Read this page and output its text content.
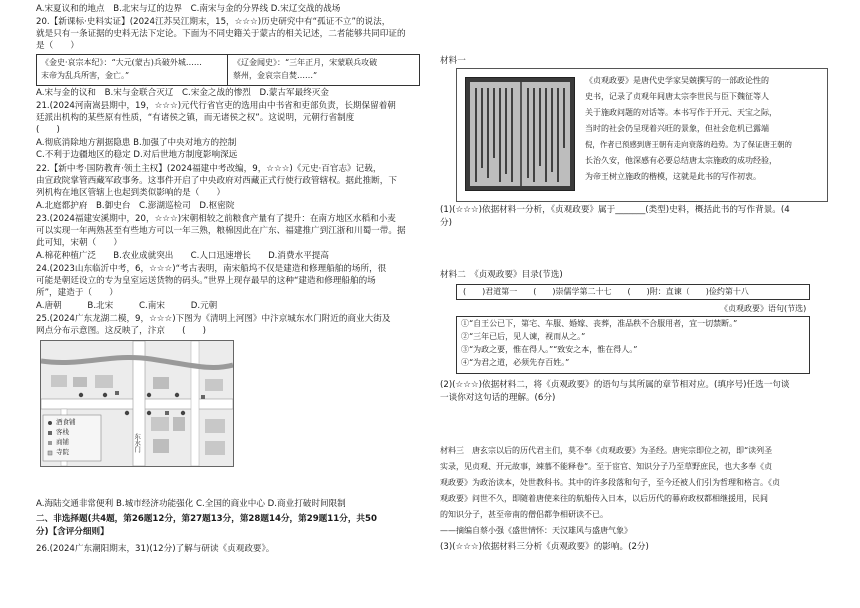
A.宋夏议和的地点　B.北宋与辽的边界　C.南宋与金的分界线 D.宋辽交战的战场
20.【新课标·史料实证】(2024江苏吴江期末，15，☆☆☆)历史研究中有“孤证不立”的说法，
就是只有一条证据的史料无法下定论。下面为不同史籍关于蒙古的相关记述，二者能够共同印证的
是（　　）
《金史·哀宗本纪》：“大元(蒙古)兵破外城……
末帝为乱兵所害，金亡。”
《辽金闻史》：“三年正月，宋蒙联兵攻破
蔡州，金哀宗自焚……”
A.宋与金的议和　B.宋与金联合灭辽　C.宋金之战的惨烈　D.蒙古军最终灭金
21.(2024河南嵩县期中，19，☆☆☆)元代行省官吏的选用由中书省和吏部负责，长期保留着朝
廷派出机构的某些原有性质，“有诸侯之镇，而无诸侯之权”。这说明，元朝行省制度
(　　)
A.彻底消除地方割据隐患 B.加强了中央对地方的控制
C.不利于边疆地区的稳定 D.对后世地方制度影响深远
22.【新中考·国防教育·领土主权】(2024福建中考改编，9，☆☆☆)《元史·百官志》记载，
由宣政院掌管西藏军政事务。这事件开启了中央政府对西藏正式行使行政管辖权。据此推断，下
列机构在地区管辖上也起到类似影响的是（　　）
A.北庭都护府　B.御史台　C.澎湖巡检司　D.枢密院
23.(2024福建安溪期中，20，☆☆☆)宋朝相较之前粮食产量有了提升：在南方地区水稻和小麦
可以实现一年两熟甚至有些地方可以一年三熟，粮棉因此在广东、福建推广到江浙和川蜀一带。据
此可知，宋朝（　　）
A.棉花种植广泛　　B.农业成就突出　　C.人口迅速增长　　D.消费水平提高
24.(2023山东临沂中考，6，☆☆☆)“考古表明，南宋船坞不仅是建造和修理船舶的场所，很
可能是朝廷设立的专为皇室运送货物的码头。”世界上现存最早的这种“建造和修理船舶的场
所”，建造于（　　）
A.唐朝　　　B.北宋　　　C.南宋　　　D.元朝
25.(2024广东龙湖二模，9，☆☆☆)下图为《清明上河图》中汴京城东水门附近的商业大街及
网点分布示意图。这反映了，汴京　　(　　)
酒食铺
客栈
商铺
寺院	东水门
A.海陆交通非常便利 B.城市经济功能强化 C.全国的商业中心 D.商业打破时间限制
二、非选择题(共4题，第26题12分，第27题13分，第28题14分，第29题11分，共50
分)【含评分细则】
26.(2024广东潮阳期末，31)(12分)了解与研读《贞观政要》。
材料一
《贞观政要》是唐代史学家吴兢撰写的一部政论性的
史书，记录了贞观年间唐太宗李世民与臣下魏征等人
关于施政问题的对话等。本书写作于开元、天宝之际，
当时的社会仍呈现着兴旺的景象，但社会危机已露端
倪，作者已预感到唐王朝有走向衰落的趋势。为了保证唐王朝的
长治久安，他深感有必要总结唐太宗施政的成功经验，
为帝王树立施政的楷模，这就是此书的写作初衷。
(1)(☆☆☆)依据材料一分析，《贞观政要》属于_______(类型)史料，概括此书的写作背景。(4
分)
材料二　《贞观政要》目录(节选)
(　　)君道第一　　(　　)崇儒学第二十七　　(　　)附：直谏（　　)俭约第十八
《贞观政要》语句(节选)
①“自王公已下，第宅、车服、婚嫁、丧葬，准品秩不合服用者，宜一切禁断。”
②“三年已后，见人谏，视而从之。”
③“为政之要，惟在得人。”“致安之本，惟在得人。”
④“为君之道，必须先存百姓。”
(2)(☆☆☆)依据材料二，将《贞观政要》的语句与其所属的章节相对应。(填序号)任选一句谈
一谈你对这句话的理解。(6分)
材料三　唐玄宗以后的历代君主们，莫不奉《贞观政要》为圣经。唐宪宗即位之初，即“读列圣
实录，见贞观、开元故事，竦慕不能释卷”。至于宦官、知识分子乃至草野庶民，也大多奉《贞
观政要》为政治读本，处世教科书。其中的许多段落和句子，至今还被人们引为哲理和格言。《贞
观政要》问世不久，即随着唐使来往的航船传入日本，以后历代的幕府政权都相继援用，民间
的知识分子，甚至帝南的僧侣都争相研读不已。
——摘编自蔡小强《盛世情怀：天汉雄风与盛唐气象》
(3)(☆☆☆)依据材料三分析《贞观政要》的影响。(2分)
